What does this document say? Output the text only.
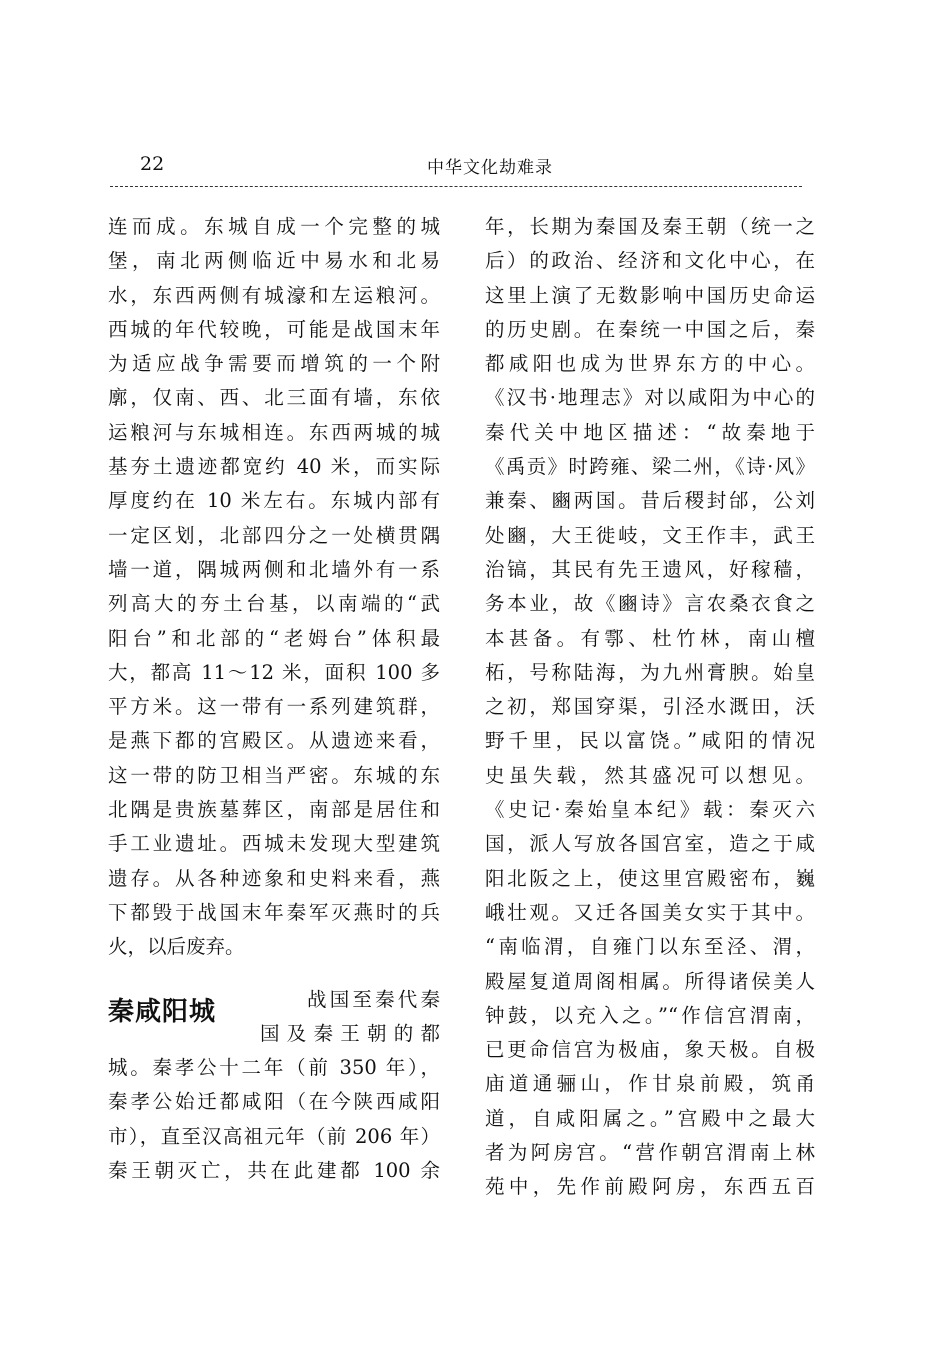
22	中华文化劫难录
连而成。东城自成一个完整的城
堡，南北两侧临近中易水和北易
水，东西两侧有城濠和左运粮河。
西城的年代较晚，可能是战国末年
为适应战争需要而增筑的一个附
廓，仅南、西、北三面有墙，东依
运粮河与东城相连。东西两城的城
基夯土遗迹都宽约 40 米，而实际
厚度约在 10 米左右。东城内部有
一定区划，北部四分之一处横贯隅
墙一道，隅城两侧和北墙外有一系
列高大的夯土台基，以南端的“武
阳台”和北部的“老姆台”体积最
大，都高 11～12 米，面积 100 多
平方米。这一带有一系列建筑群，
是燕下都的宫殿区。从遗迹来看，
这一带的防卫相当严密。东城的东
北隅是贵族墓葬区，南部是居住和
手工业遗址。西城未发现大型建筑
遗存。从各种迹象和史料来看，燕
下都毁于战国末年秦军灭燕时的兵
火，以后废弃。
秦咸阳城	战国至秦代秦
国及秦王朝的都
城。秦孝公十二年（前 350 年），
秦孝公始迁都咸阳（在今陕西咸阳
市），直至汉高祖元年（前 206 年）
秦王朝灭亡，共在此建都 100 余
年，长期为秦国及秦王朝（统一之
后）的政治、经济和文化中心，在
这里上演了无数影响中国历史命运
的历史剧。在秦统一中国之后，秦
都咸阳也成为世界东方的中心。
《汉书·地理志》对以咸阳为中心的
秦代关中地区描述：“故秦地于
《禹贡》时跨雍、梁二州，《诗·风》
兼秦、豳两国。昔后稷封邰，公刘
处豳，大王徙岐，文王作丰，武王
治镐，其民有先王遗风，好稼穑，
务本业，故《豳诗》言农桑衣食之
本甚备。有鄠、杜竹林，南山檀
柘，号称陆海，为九州膏腴。始皇
之初，郑国穿渠，引泾水溉田，沃
野千里，民以富饶。”咸阳的情况
史虽失载，然其盛况可以想见。
《史记·秦始皇本纪》载：秦灭六
国，派人写放各国宫室，造之于咸
阳北阪之上，使这里宫殿密布，巍
峨壮观。又迁各国美女实于其中。
“南临渭，自雍门以东至泾、渭，
殿屋复道周阁相属。所得诸侯美人
钟鼓，以充入之。”“作信宫渭南，
已更命信宫为极庙，象天极。自极
庙道通骊山，作甘泉前殿，筑甬
道，自咸阳属之。”宫殿中之最大
者为阿房宫。“营作朝宫渭南上林
苑中，先作前殿阿房，东西五百
